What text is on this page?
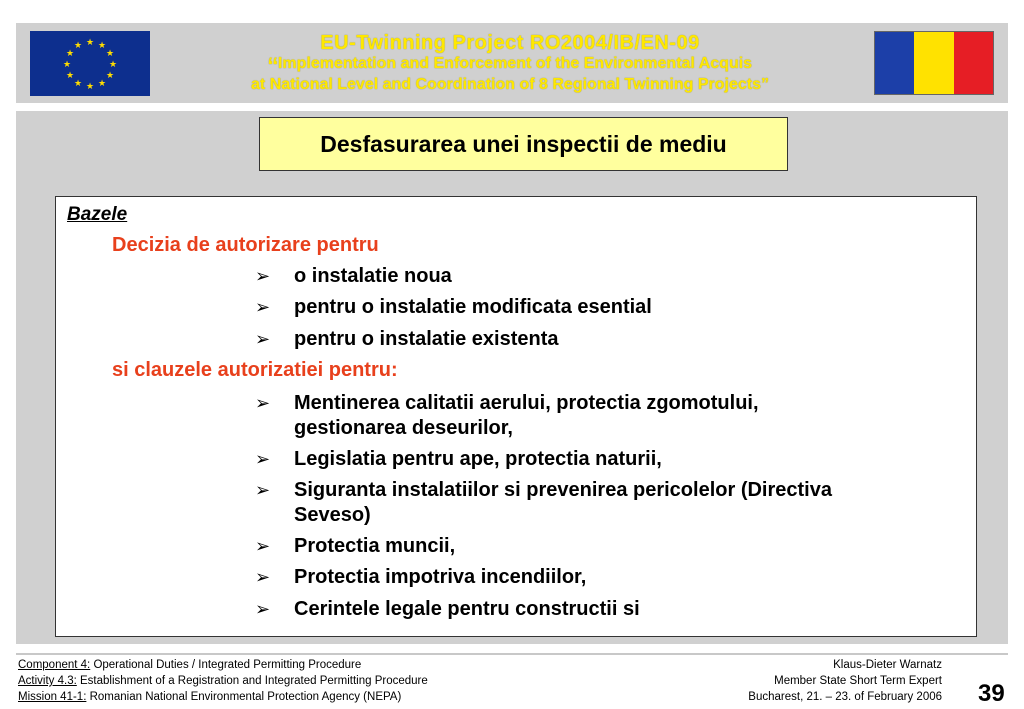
★ ★
★
★
★
★
★
★
★
★
★
★	EU-Twinning Project RO2004/IB/EN-09
“Implementation and Enforcement of the Environmental Acquis
at National Level and Coordination of 8 Regional Twinning Projects”
Desfasurarea unei inspectii de mediu
Bazele
Decizia de autorizare pentru
➢	o instalatie noua
➢	pentru o instalatie modificata esential
➢	pentru o instalatie existenta
si clauzele autorizatiei pentru:
➢	Mentinerea calitatii aerului, protectia zgomotului,
gestionarea deseurilor,
➢	Legislatia pentru ape, protectia naturii,
➢	Siguranta instalatiilor si prevenirea pericolelor (Directiva
Seveso)
➢	Protectia muncii,
➢	Protectia impotriva incendiilor,
➢	Cerintele legale pentru constructii si
Component 4: Operational Duties / Integrated Permitting Procedure
Activity 4.3: Establishment of a Registration and Integrated Permitting Procedure
Mission 41-1: Romanian National Environmental Protection Agency (NEPA)
Klaus-Dieter Warnatz
Member State Short Term Expert
Bucharest, 21. – 23. of February 2006 39
